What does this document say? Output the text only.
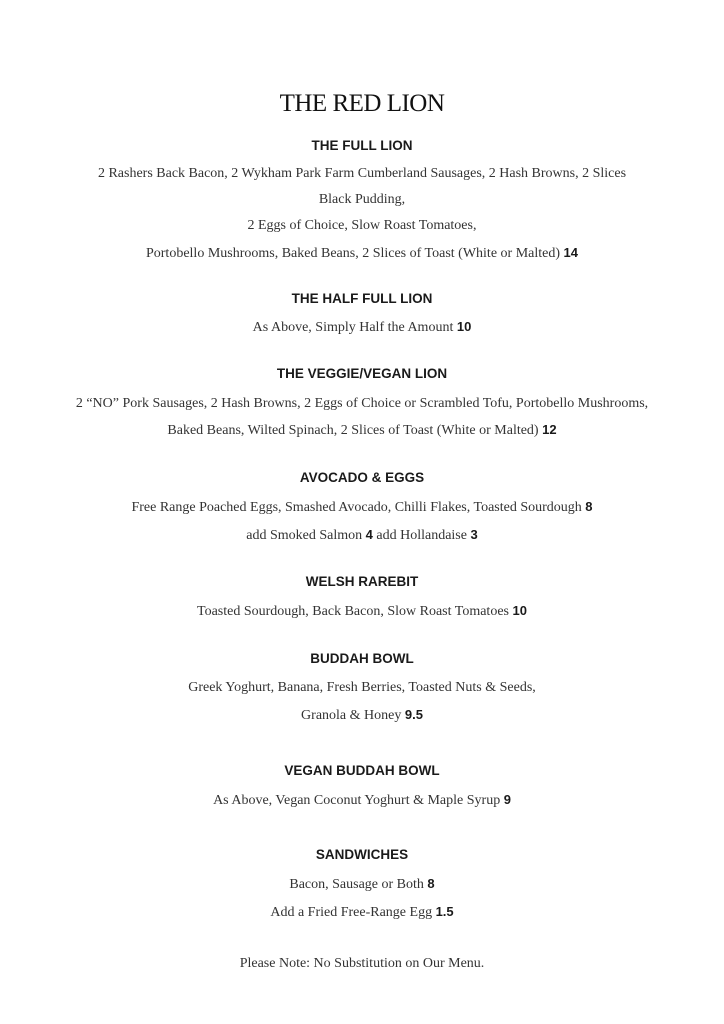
THE RED LION
THE FULL LION
2 Rashers Back Bacon, 2 Wykham Park Farm Cumberland Sausages, 2 Hash Browns, 2 Slices
Black Pudding,
2 Eggs of Choice, Slow Roast Tomatoes,
Portobello Mushrooms, Baked Beans, 2 Slices of Toast (White or Malted) 14
THE HALF FULL LION
As Above, Simply Half the Amount 10
THE VEGGIE/VEGAN LION
2 “NO” Pork Sausages, 2 Hash Browns, 2 Eggs of Choice or Scrambled Tofu, Portobello Mushrooms,
Baked Beans, Wilted Spinach, 2 Slices of Toast (White or Malted) 12
AVOCADO & EGGS
Free Range Poached Eggs, Smashed Avocado, Chilli Flakes, Toasted Sourdough 8
add Smoked Salmon 4 add Hollandaise 3
WELSH RAREBIT
Toasted Sourdough, Back Bacon, Slow Roast Tomatoes 10
BUDDAH BOWL
Greek Yoghurt, Banana, Fresh Berries, Toasted Nuts & Seeds,
Granola & Honey 9.5
VEGAN BUDDAH BOWL
As Above, Vegan Coconut Yoghurt & Maple Syrup 9
SANDWICHES
Bacon, Sausage or Both 8
Add a Fried Free-Range Egg 1.5
Please Note: No Substitution on Our Menu.
